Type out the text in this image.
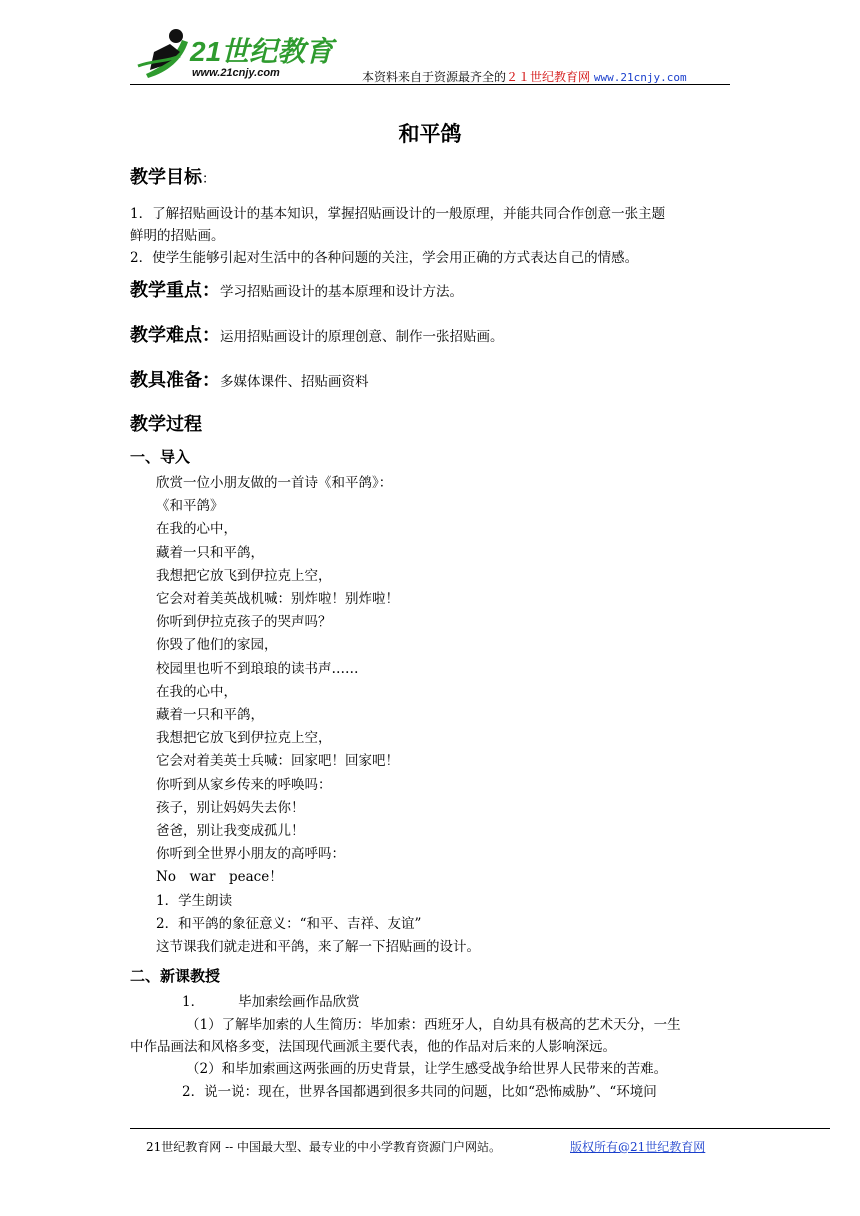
21世纪教育
www.21cnjy.com	本资料来自于资源最齐全的２１世纪教育网 www.21cnjy.com
和平鸽
教学目标：
1．了解招贴画设计的基本知识，掌握招贴画设计的一般原理，并能共同合作创意一张主题
鲜明的招贴画。
2．使学生能够引起对生活中的各种问题的关注，学会用正确的方式表达自己的情感。
教学重点：学习招贴画设计的基本原理和设计方法。
教学难点：运用招贴画设计的原理创意、制作一张招贴画。
教具准备：多媒体课件、招贴画资料
教学过程
一、导入
欣赏一位小朋友做的一首诗《和平鸽》：
《和平鸽》
在我的心中，
藏着一只和平鸽，
我想把它放飞到伊拉克上空，
它会对着美英战机喊：别炸啦！别炸啦！
你听到伊拉克孩子的哭声吗？
你毁了他们的家园，
校园里也听不到琅琅的读书声……
在我的心中，
藏着一只和平鸽，
我想把它放飞到伊拉克上空，
它会对着美英士兵喊：回家吧！回家吧！
你听到从家乡传来的呼唤吗：
孩子，别让妈妈失去你！
爸爸，别让我变成孤儿！
你听到全世界小朋友的高呼吗：
No　war　peace！
1．学生朗读
2．和平鸽的象征意义：“和平、吉祥、友谊”
这节课我们就走进和平鸽，来了解一下招贴画的设计。
二、新课教授
1．	毕加索绘画作品欣赏
（1）了解毕加索的人生简历：毕加索：西班牙人，自幼具有极高的艺术天分，一生
中作品画法和风格多变，法国现代画派主要代表，他的作品对后来的人影响深远。
（2）和毕加索画这两张画的历史背景，让学生感受战争给世界人民带来的苦难。
2．说一说：现在，世界各国都遇到很多共同的问题，比如“恐怖威胁”、“环境问
21世纪教育网 -- 中国最大型、最专业的中小学教育资源门户网站。	版权所有@21世纪教育网
